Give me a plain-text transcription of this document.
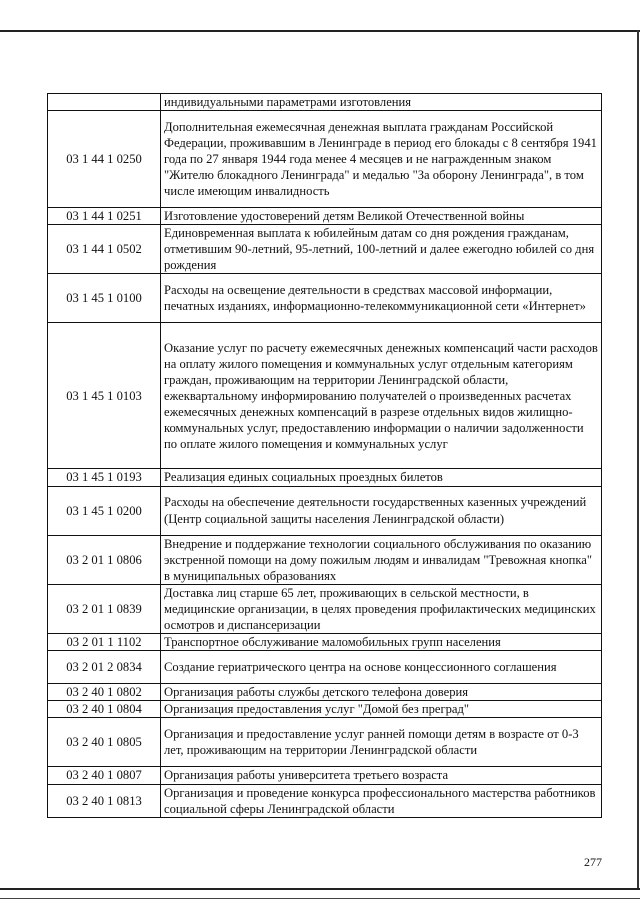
	индивидуальными параметрами изготовления
03 1 44 1 0250	Дополнительная ежемесячная денежная выплата гражданам Российской Федерации, проживавшим в Ленинграде в период его блокады с 8 сентября 1941 года по 27 января 1944 года менее 4 месяцев и не награжденным знаком "Жителю блокадного Ленинграда" и медалью "За оборону Ленинграда", в том числе имеющим инвалидность
03 1 44 1 0251	Изготовление удостоверений детям Великой Отечественной войны
03 1 44 1 0502	Единовременная выплата к юбилейным датам со дня рождения гражданам, отметившим 90-летний, 95-летний, 100-летний и далее ежегодно юбилей со дня рождения
03 1 45 1 0100	Расходы на освещение деятельности в средствах массовой информации, печатных изданиях, информационно-телекоммуникационной сети «Интернет»
03 1 45 1 0103	Оказание услуг по расчету ежемесячных денежных компенсаций части расходов на оплату жилого помещения и коммунальных услуг отдельным категориям граждан, проживающим на территории Ленинградской области, ежеквартальному информированию получателей о произведенных расчетах ежемесячных денежных компенсаций в разрезе отдельных видов жилищно-коммунальных услуг, предоставлению информации о наличии задолженности по оплате жилого помещения и коммунальных услуг
03 1 45 1 0193	Реализация единых социальных проездных билетов
03 1 45 1 0200	Расходы на обеспечение деятельности государственных казенных учреждений (Центр социальной защиты населения Ленинградской области)
03 2 01 1 0806	Внедрение и поддержание технологии социального обслуживания по оказанию экстренной помощи на дому пожилым людям и инвалидам "Тревожная кнопка" в муниципальных образованиях
03 2 01 1 0839	Доставка лиц старше 65 лет, проживающих в сельской местности, в медицинские организации, в целях проведения профилактических медицинских осмотров и диспансеризации
03 2 01 1 1102	Транспортное обслуживание маломобильных групп населения
03 2 01 2 0834	Создание гериатрического центра на основе концессионного соглашения
03 2 40 1 0802	Организация работы службы детского телефона доверия
03 2 40 1 0804	Организация предоставления услуг "Домой без преград"
03 2 40 1 0805	Организация и предоставление услуг ранней помощи детям в возрасте от 0-3 лет, проживающим на территории Ленинградской области
03 2 40 1 0807	Организация работы университета третьего возраста
03 2 40 1 0813	Организация и проведение конкурса профессионального мастерства работников социальной сферы Ленинградской области
277
